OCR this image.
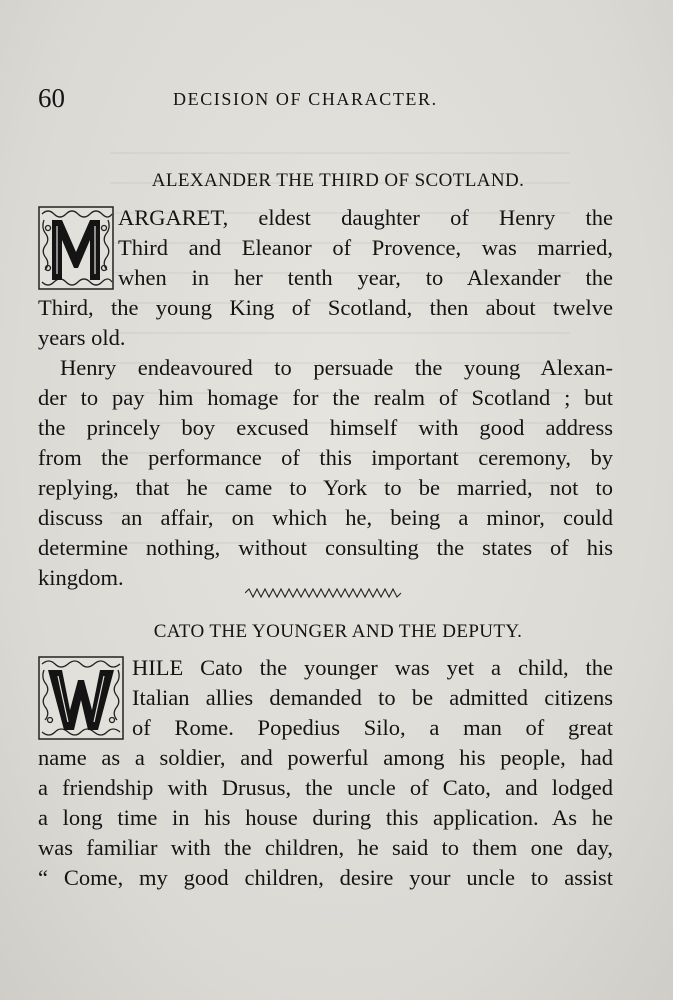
60	DECISION OF CHARACTER.
ALEXANDER THE THIRD OF SCOTLAND.
ARGARET, eldest daughter of Henry the
Third and Eleanor of Provence, was married,
when in her tenth year, to Alexander the
Third, the young King of Scotland, then about twelve
years old.
Henry endeavoured to persuade the young Alexan-
der to pay him homage for the realm of Scotland ; but
the princely boy excused himself with good address
from the performance of this important ceremony, by
replying, that he came to York to be married, not to
discuss an affair, on which he, being a minor, could
determine nothing, without consulting the states of his
kingdom.
CATO THE YOUNGER AND THE DEPUTY.
HILE Cato the younger was yet a child, the
Italian allies demanded to be admitted citizens
of Rome. Popedius Silo, a man of great
name as a soldier, and powerful among his people, had
a friendship with Drusus, the uncle of Cato, and lodged
a long time in his house during this application. As he
was familiar with the children, he said to them one day,
“ Come, my good children, desire your uncle to assist
